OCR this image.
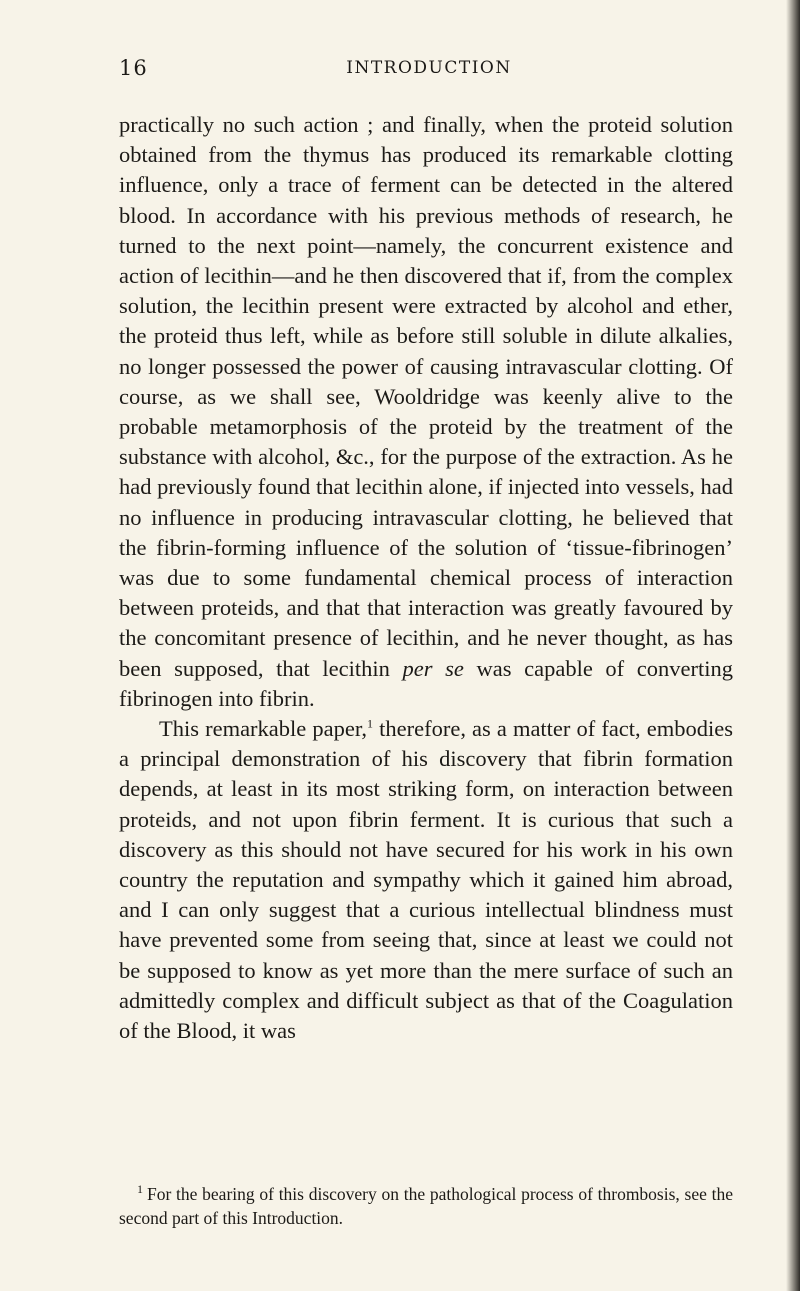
16	INTRODUCTION

practically no such action ; and finally, when the proteid solution obtained from the thymus has produced its remarkable clotting influence, only a trace of ferment can be detected in the altered blood. In accordance with his previous methods of research, he turned to the next point—namely, the concurrent existence and action of lecithin—and he then discovered that if, from the complex solution, the lecithin present were extracted by alcohol and ether, the proteid thus left, while as before still soluble in dilute alkalies, no longer possessed the power of causing intravascular clotting. Of course, as we shall see, Wooldridge was keenly alive to the probable metamorphosis of the proteid by the treatment of the substance with alcohol, &c., for the purpose of the extraction. As he had previously found that lecithin alone, if injected into vessels, had no influence in producing intravascular clotting, he believed that the fibrin-forming influence of the solution of ‘tissue-fibrinogen’ was due to some fundamental chemical process of interaction between proteids, and that that interaction was greatly favoured by the concomitant presence of lecithin, and he never thought, as has been supposed, that lecithin per se was capable of converting fibrinogen into fibrin.

This remarkable paper,$^1$ therefore, as a matter of fact, embodies a principal demonstration of his discovery that fibrin formation depends, at least in its most striking form, on interaction between proteids, and not upon fibrin ferment. It is curious that such a discovery as this should not have secured for his work in his own country the reputation and sympathy which it gained him abroad, and I can only suggest that a curious intellectual blindness must have prevented some from seeing that, since at least we could not be supposed to know as yet more than the mere surface of such an admittedly complex and difficult subject as that of the Coagulation of the Blood, it was

$^1$ For the bearing of this discovery on the pathological process of thrombosis, see the second part of this Introduction.
